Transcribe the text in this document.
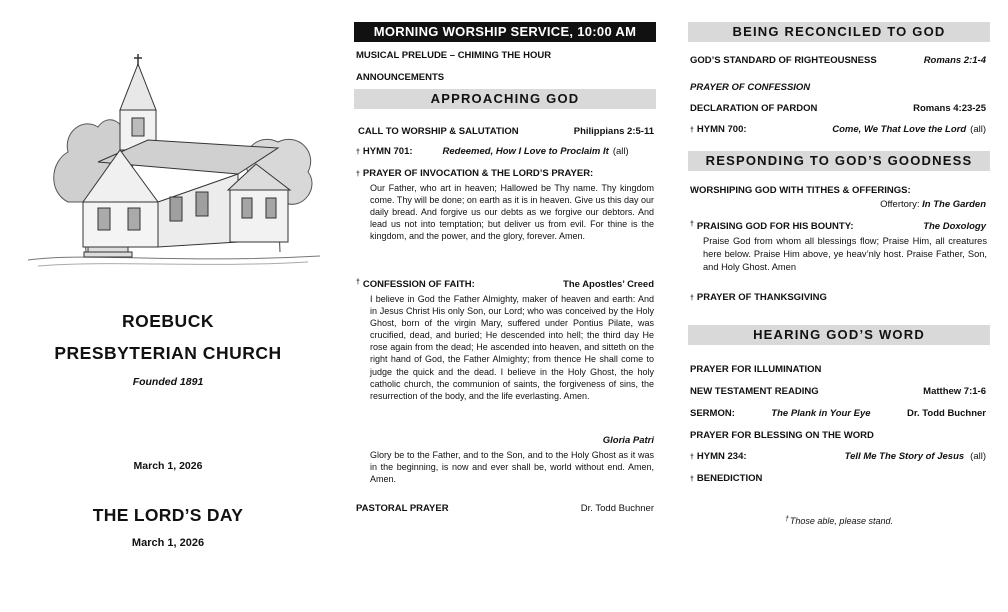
ROEBUCK
PRESBYTERIAN CHURCH
Founded 1891
March 1, 2026
THE LORD’S DAY
March 1, 2026
MORNING WORSHIP SERVICE, 10:00 AM
MUSICAL PRELUDE – CHIMING THE HOUR
ANNOUNCEMENTS
APPROACHING GOD
CALL TO WORSHIP & SALUTATION	Philippians 2:5-11
† HYMN 701:	Redeemed, How I Love to Proclaim It (all)
† PRAYER OF INVOCATION & THE LORD’S PRAYER:
Our Father, who art in heaven; Hallowed be Thy name. Thy kingdom come. Thy will be done; on earth as it is in heaven. Give us this day our daily bread. And forgive us our debts as we forgive our debtors. And lead us not into temptation; but deliver us from evil. For thine is the kingdom, and the power, and the glory, forever. Amen.
† CONFESSION OF FAITH:	The Apostles’ Creed
I believe in God the Father Almighty, maker of heaven and earth: And in Jesus Christ His only Son, our Lord; who was conceived by the Holy Ghost, born of the virgin Mary, suffered under Pontius Pilate, was crucified, dead, and buried; He descended into hell; the third day He rose again from the dead; He ascended into heaven, and sitteth on the right hand of God, the Father Almighty; from thence He shall come to judge the quick and the dead. I believe in the Holy Ghost, the holy catholic church, the communion of saints, the forgiveness of sins, the resurrection of the body, and the life everlasting. Amen.
Gloria Patri
Glory be to the Father, and to the Son, and to the Holy Ghost as it was in the beginning, is now and ever shall be, world without end. Amen, Amen.
PASTORAL PRAYER	Dr. Todd Buchner
BEING RECONCILED TO GOD
GOD’S STANDARD OF RIGHTEOUSNESS	Romans 2:1-4
PRAYER OF CONFESSION
DECLARATION OF PARDON	Romans 4:23-25
† HYMN 700:	Come, We That Love the Lord (all)
RESPONDING TO GOD’S GOODNESS
WORSHIPING GOD WITH TITHES & OFFERINGS:
Offertory: In The Garden
† PRAISING GOD FOR HIS BOUNTY:	The Doxology
Praise God from whom all blessings flow; Praise Him, all creatures here below. Praise Him above, ye heav’nly host. Praise Father, Son, and Holy Ghost. Amen
† PRAYER OF THANKSGIVING
HEARING GOD’S WORD
PRAYER FOR ILLUMINATION
NEW TESTAMENT READING	Matthew 7:1-6
SERMON:	The Plank in Your Eye	Dr. Todd Buchner
PRAYER FOR BLESSING ON THE WORD
† HYMN 234:	Tell Me The Story of Jesus (all)
† BENEDICTION
†Those able, please stand.
